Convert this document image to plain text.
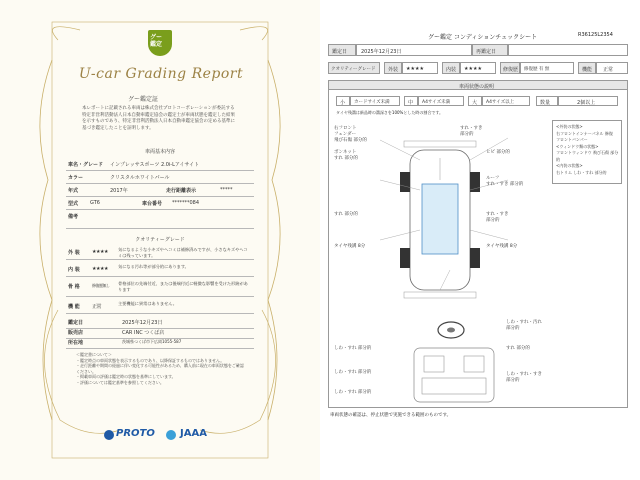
グー
鑑定
U-car Grading Report
グー鑑定証
本レポートに記載される車両は株式会社プロトコーポレーションが委託する特定非営利活動法人日本自動車鑑定協会の鑑定士が車両状態を鑑定した結果を示すものであり、特定非営利活動法人日本自動車鑑定協会の定める基準に基づき鑑定したことを証明します。
車両基本内容
車名・グレード インプレッサスポーツ 2.0i-Lアイサイト
カラー	クリスタルホワイトパール
年式	2017年	走行距離表示	*****
型式 GT6	車台番号 *******084
備考
クオリティーグレード
外 装 ★★★★ 気になるような小キズやヘコミは補修済みですが、小さなキズやヘコミは残っています。
内 装 ★★★★ 気になる汚れ等が部分的にあります。
骨 格	修復歴無し 骨格部位の先端付近、または後端付近に軽微な影響を受けた形跡があります
機 能 正常
主要機能に異常はありません。
鑑定日	2025年12月23日
販売店	CAR INC つくば店
所在地	茨城県つくば市下広岡1055-587
＜鑑定書について＞
・鑑定時点の車両状態を表示するものであり、以降保証するものではありません。
・走行距離や期間の経過に伴い変化する可能性があるため、購入前に現在の車両状態をご確認ください。
・掲載車両の評価は鑑定時の状態を基準にしています。
・評価については鑑定基準を参照してください。
PROTO	JAAA
グー鑑定 コンディションチェックシート	R36125L2354
鑑定日	2025年12月23日	再鑑定日
クオリティーグレード 外装 ★★★★	内装 ★★★★	修復歴 修復歴 有 無	機能 正常
車両状態の説明
小 カードサイズ未満	中 A4サイズ未満	大 A4サイズ以上	数量	2個以上
タイヤ残溝は新品時の溝深さを100%とした時の割合です。
<外装の状態>
右フロントインナーパネル 修復
フロントバンパー
<ウィンドウ類の状態>
フロントウィンドウ 飛び石傷 部分的
<内装の状態>
右トリム しわ・すれ 部分的
右フロント
フェンダー
飛び石傷 部分的
すれ・すき
部分的
ボンネット
すれ 部分的
ヒビ 部分的
ルーフ
すれ・すき 部分的
すれ 部分的	すれ・すき
部分的
タイヤ残溝 8分	タイヤ残溝 8分
しわ・すれ 部分的
しわ・すれ 部分的
しわ・すれ 部分的
しわ・すれ・汚れ
部分的
すれ 部分的
しわ・すれ・すき
部分的
車両状態の確認は、停止状態で実施できる範囲のものです。
